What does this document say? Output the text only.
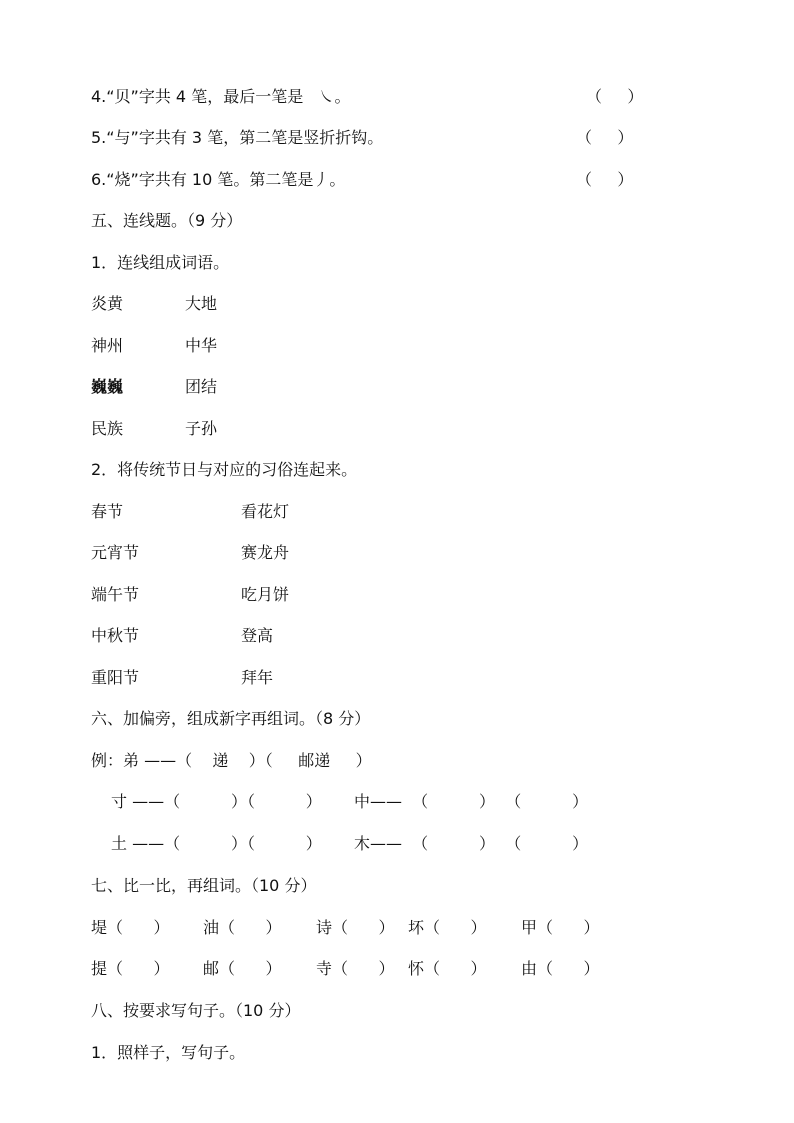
4.“贝”字共 4 笔，最后一笔是   ㇏。	（     ）
5.“与”字共有 3 笔，第二笔是竖折折钩。	（     ）
6.“烧”字共有 10 笔。第二笔是丿。	（     ）
五、连线题。（9 分）
1．连线组成词语。
炎黄	大地
神州	中华
巍巍	团结
民族	子孙
2．将传统节日与对应的习俗连起来。
春节	看花灯
元宵节	赛龙舟
端午节	吃月饼
中秋节	登高
重阳节	拜年
六、加偏旁，组成新字再组词。（8 分）
例：弟 ——（    递    ）（     邮递     ）
寸 ——（          ）（          ） 中——  （          ）  （          ）
土 ——（          ）（          ） 木——  （          ）  （          ）
七、比一比，再组词。（10 分）
堤（      ） 油（      ） 诗（      ） 坏（      ） 甲（      ）
提（      ） 邮（      ） 寺（      ） 怀（      ） 由（      ）
八、按要求写句子。（10 分）
1．照样子，写句子。
